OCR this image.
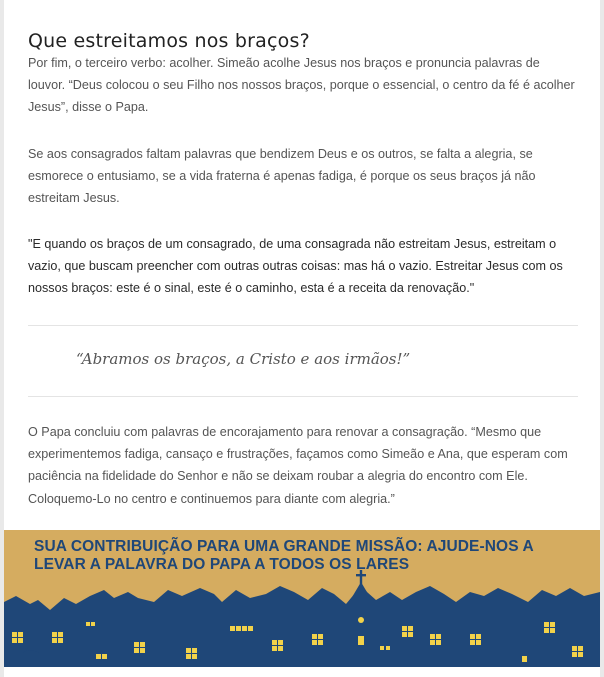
Que estreitamos nos braços?

Por fim, o terceiro verbo: acolher. Simeão acolhe Jesus nos braços e pronuncia palavras de louvor. “Deus colocou o seu Filho nos nossos braços, porque o essencial, o centro da fé é acolher Jesus”, disse o Papa.

Se aos consagrados faltam palavras que bendizem Deus e os outros, se falta a alegria, se esmorece o entusiamo, se a vida fraterna é apenas fadiga, é porque os seus braços já não estreitam Jesus.

"E quando os braços de um consagrado, de uma consagrada não estreitam Jesus, estreitam o vazio, que buscam preencher com outras outras coisas: mas há o vazio. Estreitar Jesus com os nossos braços: este é o sinal, este é o caminho, esta é a receita da renovação."

“Abramos os braços, a Cristo e aos irmãos!”

O Papa concluiu com palavras de encorajamento para renovar a consagração. “Mesmo que experimentemos fadiga, cansaço e frustrações, façamos como Simeão e Ana, que esperam com paciência na fidelidade do Senhor e não se deixam roubar a alegria do encontro com Ele. Coloquemo-Lo no centro e continuemos para diante com alegria.”

SUA CONTRIBUIÇÃO PARA UMA GRANDE MISSÃO: AJUDE-NOS A
LEVAR A PALAVRA DO PAPA A TODOS OS LARES
